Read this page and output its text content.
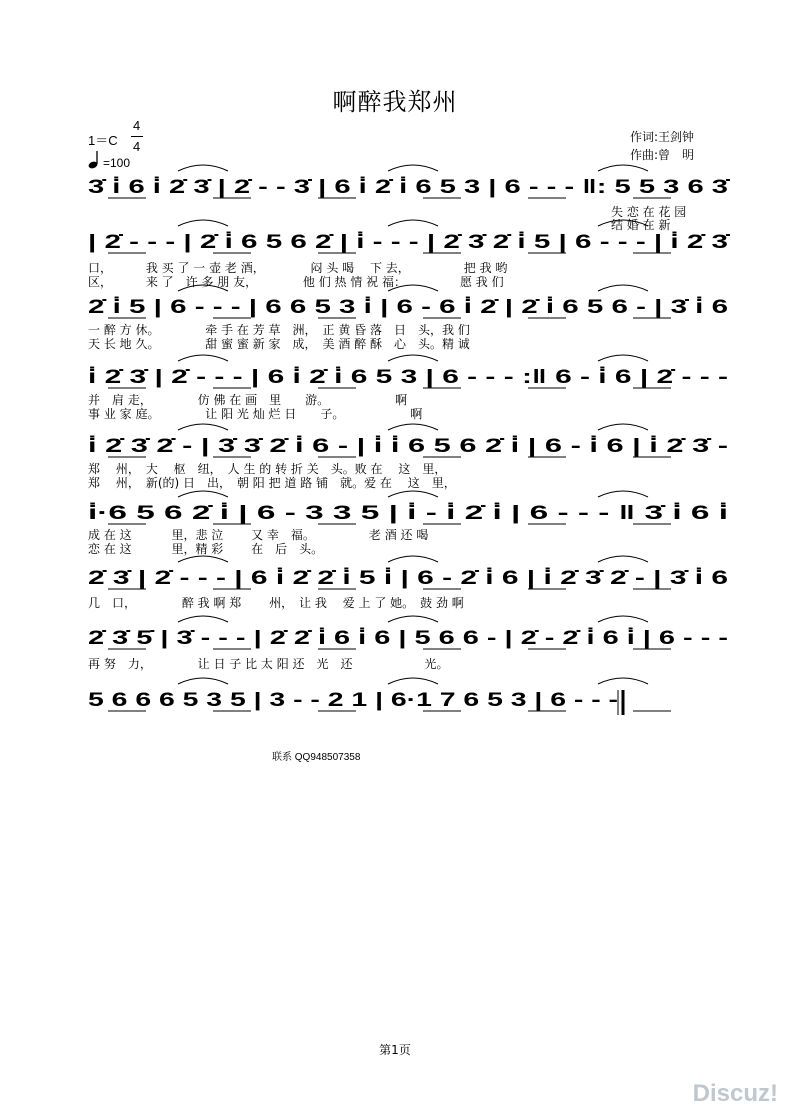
啊醉我郑州
1＝C
4
4
=100
作词:王剑钟
作曲:曾　明
3̇ i̇ 6 i̇ 2̇ 3̇ | 2̇ - - 3̇ | 6 i̇ 2̇ i̇ 6 5 3 | 6 - - - ‖: 5 5 3 6 3̇
失 恋 在 花 园
结 婚 在 新
| 2̇ - - - | 2̇ i̇ 6 5 6 2̇ | i̇ - - - | 2̇ 3̇ 2̇ i̇ 5 | 6 - - - | i̇ 2̇ 3̇
口，　　　 我 买 了 一 壶 老 酒，　　　　 闷 头 喝　 下 去，　　　　　把 我 哟
区，　　　 来 了　许 多 朋 友，　　　　 他 们 热 情 祝 福：　　　　　愿 我 们
2̇ i̇ 5 | 6 - - - | 6 6 5 3 i̇ | 6 - 6 i̇ 2̇ | 2̇ i̇ 6 5 6 - | 3̇ i̇ 6
一 醉 方 休。　　　　 牵 手 在 芳 草　洲，　正 黄 昏 落　日　头，我 们
天 长 地 久。　　　　 甜 蜜 蜜 新 家　成，　美 酒 醉 酥　心　头。精 诚
i̇ 2̇ 3̇ | 2̇ - - - | 6 i̇ 2̇ i̇ 6 5 3 | 6 - - - :‖ 6 - i̇ 6 | 2̇ - - -
并　肩 走，　　　　 仿 佛 在 画　里　　游。　　　　　　啊
事 业 家 庭。　　　　 让 阳 光 灿 烂 日　　子。　　　　　　啊
i̇ 2̇ 3̇ 2̇ - | 3̇ 3̇ 2̇ i̇ 6 - | i̇ i̇ 6 5 6 2̇ i̇ | 6 - i̇ 6 | i̇ 2̇ 3̇ -
郑　 州，　大　 枢　纽，　人 生 的 转 折 关　头。败 在　 这　里，
郑　 州，　新(的) 日　出，　朝 阳 把 道 路 铺　就。爱 在　 这　里，
i̇·6 5 6 2̇ i̇ | 6 - 3 3 5 | i̇ - i̇ 2̇ i̇ | 6 - - - ‖ 3̇ i̇ 6 i̇
成 在 这　　　 里，悲 泣　　 又 幸　福。　　　　　老 酒 还 喝
恋 在 这　　　 里，精 彩　　 在　后　头。
2̇ 3̇ | 2̇ - - - | 6 i̇ 2̇ 2̇ i̇ 5 i̇ | 6 - 2̇ i̇ 6 | i̇ 2̇ 3̇ 2̇ - | 3̇ i̇ 6
几　口，　　　　 醉 我 啊 郑　　 州，　让 我　 爱 上 了 她。　鼓 劲 啊
2̇ 3̇ 5̇ | 3̇ - - - | 2̇ 2̇ i̇ 6 i̇ 6 | 5 6 6 - | 2̇ - 2̇ i̇ 6 i̇ | 6 - - -
再 努　力，　　　　 让 日 子 比 太 阳 还　光　还　　　　　　光。
5 6 6 6 5 3 5 | 3 - - 2 1 | 6·1 7 6 5 3 | 6 - - -
联系 QQ948507358
第1页
Discuz!
